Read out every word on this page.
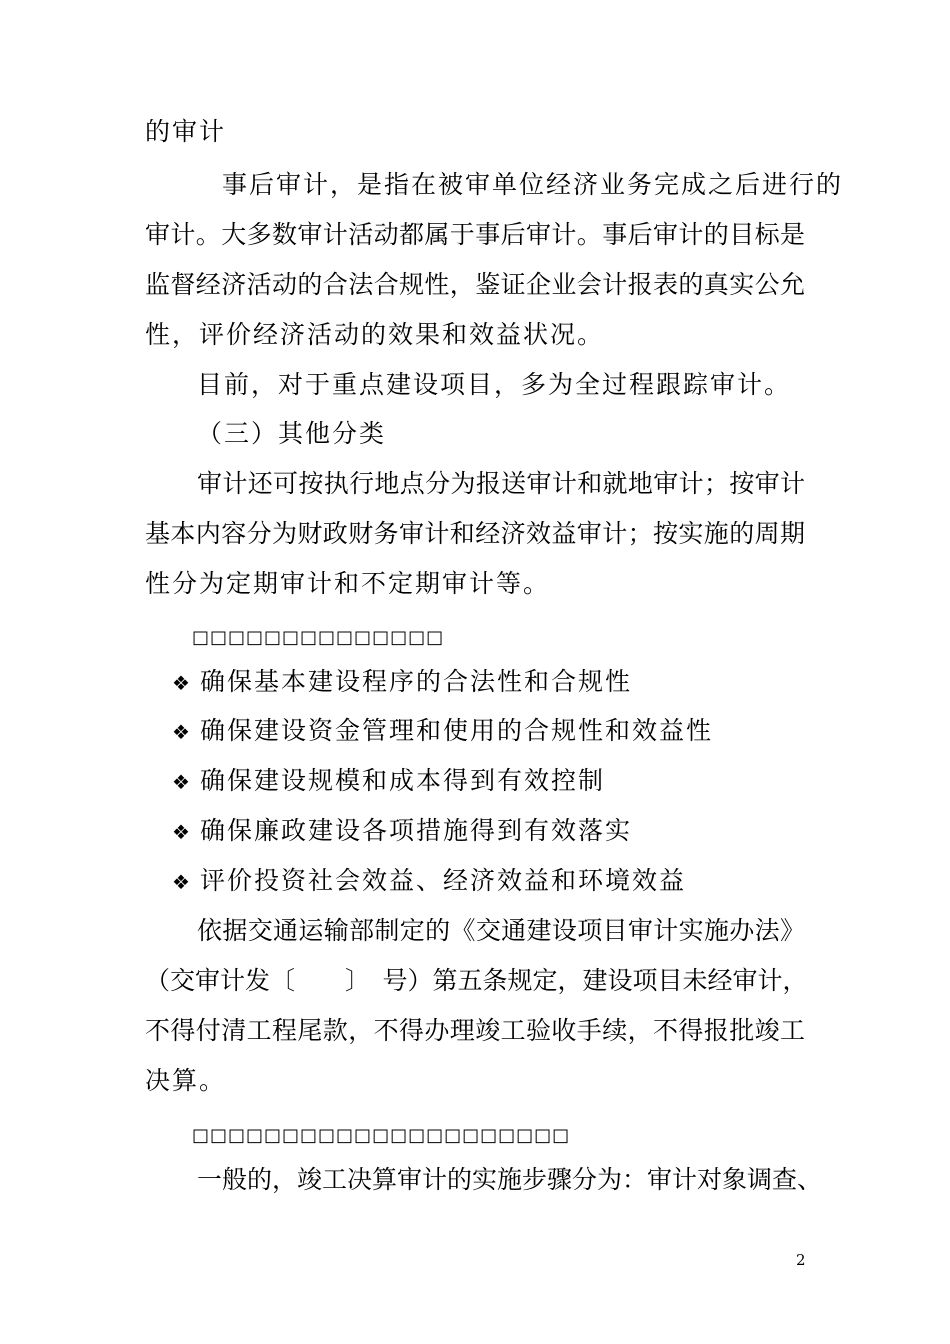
的审计
事后审计，是指在被审单位经济业务完成之后进行的
审计。大多数审计活动都属于事后审计。事后审计的目标是
监督经济活动的合法合规性，鉴证企业会计报表的真实公允
性，评价经济活动的效果和效益状况。
目前，对于重点建设项目，多为全过程跟踪审计。
（三）其他分类
审计还可按执行地点分为报送审计和就地审计；按审计
基本内容分为财政财务审计和经济效益审计；按实施的周期
性分为定期审计和不定期审计等。
□□□□□□□□□□□□□□
❖ 确保基本建设程序的合法性和合规性
❖ 确保建设资金管理和使用的合规性和效益性
❖ 确保建设规模和成本得到有效控制
❖ 确保廉政建设各项措施得到有效落实
❖ 评价投资社会效益、经济效益和环境效益
依据交通运输部制定的《交通建设项目审计实施办法》
（交审计发〔　　〕　号）第五条规定，建设项目未经审计，
不得付清工程尾款，不得办理竣工验收手续，不得报批竣工
决算。
□□□□□□□□□□□□□□□□□□□□□
一般的，竣工决算审计的实施步骤分为：审计对象调查、
2
